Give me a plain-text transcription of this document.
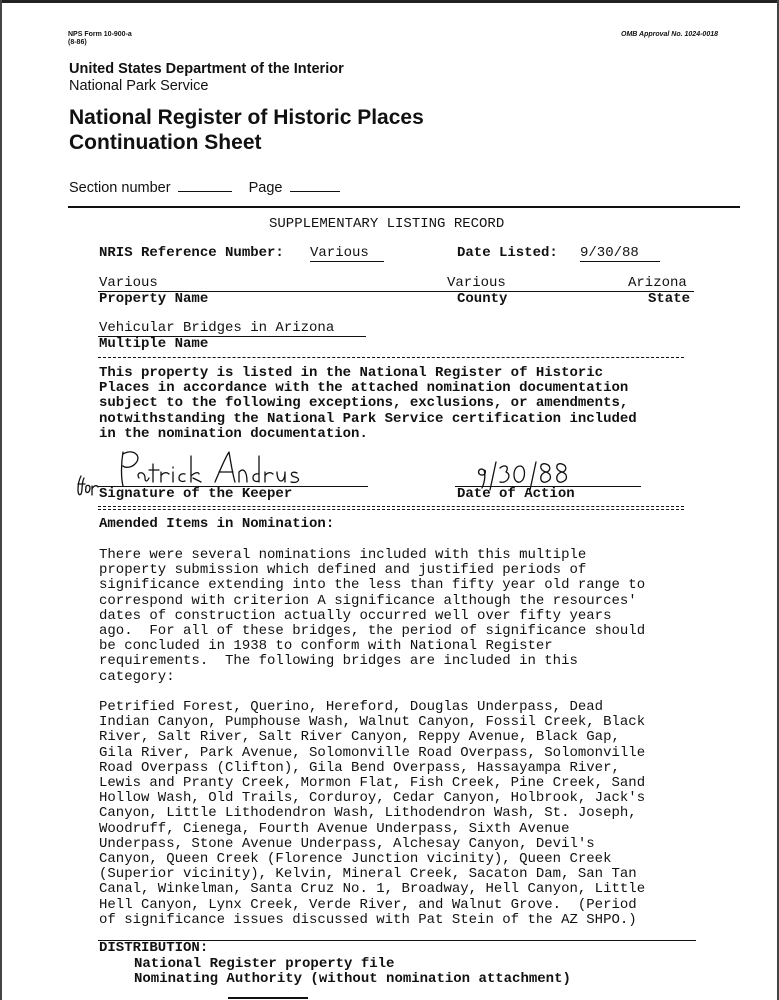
NPS Form 10-900-a
(8-86)
OMB Approval No. 1024-0018
United States Department of the Interior
National Park Service
National Register of Historic Places
Continuation Sheet
Section number	Page
SUPPLEMENTARY LISTING RECORD
NRIS Reference Number: Various	Date Listed: 9/30/88
Various	Various	Arizona
Property Name	County	State
Vehicular Bridges in Arizona
Multiple Name
This property is listed in the National Register of Historic
Places in accordance with the attached nomination documentation
subject to the following exceptions, exclusions, or amendments,
notwithstanding the National Park Service certification included
in the nomination documentation.
Signature of the Keeper	Date of Action
Amended Items in Nomination:
There were several nominations included with this multiple
property submission which defined and justified periods of
significance extending into the less than fifty year old range to
correspond with criterion A significance although the resources'
dates of construction actually occurred well over fifty years
ago.  For all of these bridges, the period of significance should
be concluded in 1938 to conform with National Register
requirements.  The following bridges are included in this
category:
Petrified Forest, Querino, Hereford, Douglas Underpass, Dead
Indian Canyon, Pumphouse Wash, Walnut Canyon, Fossil Creek, Black
River, Salt River, Salt River Canyon, Reppy Avenue, Black Gap,
Gila River, Park Avenue, Solomonville Road Overpass, Solomonville
Road Overpass (Clifton), Gila Bend Overpass, Hassayampa River,
Lewis and Pranty Creek, Mormon Flat, Fish Creek, Pine Creek, Sand
Hollow Wash, Old Trails, Corduroy, Cedar Canyon, Holbrook, Jack's
Canyon, Little Lithodendron Wash, Lithodendron Wash, St. Joseph,
Woodruff, Cienega, Fourth Avenue Underpass, Sixth Avenue
Underpass, Stone Avenue Underpass, Alchesay Canyon, Devil's
Canyon, Queen Creek (Florence Junction vicinity), Queen Creek
(Superior vicinity), Kelvin, Mineral Creek, Sacaton Dam, San Tan
Canal, Winkelman, Santa Cruz No. 1, Broadway, Hell Canyon, Little
Hell Canyon, Lynx Creek, Verde River, and Walnut Grove.  (Period
of significance issues discussed with Pat Stein of the AZ SHPO.)
DISTRIBUTION:
National Register property file
Nominating Authority (without nomination attachment)
